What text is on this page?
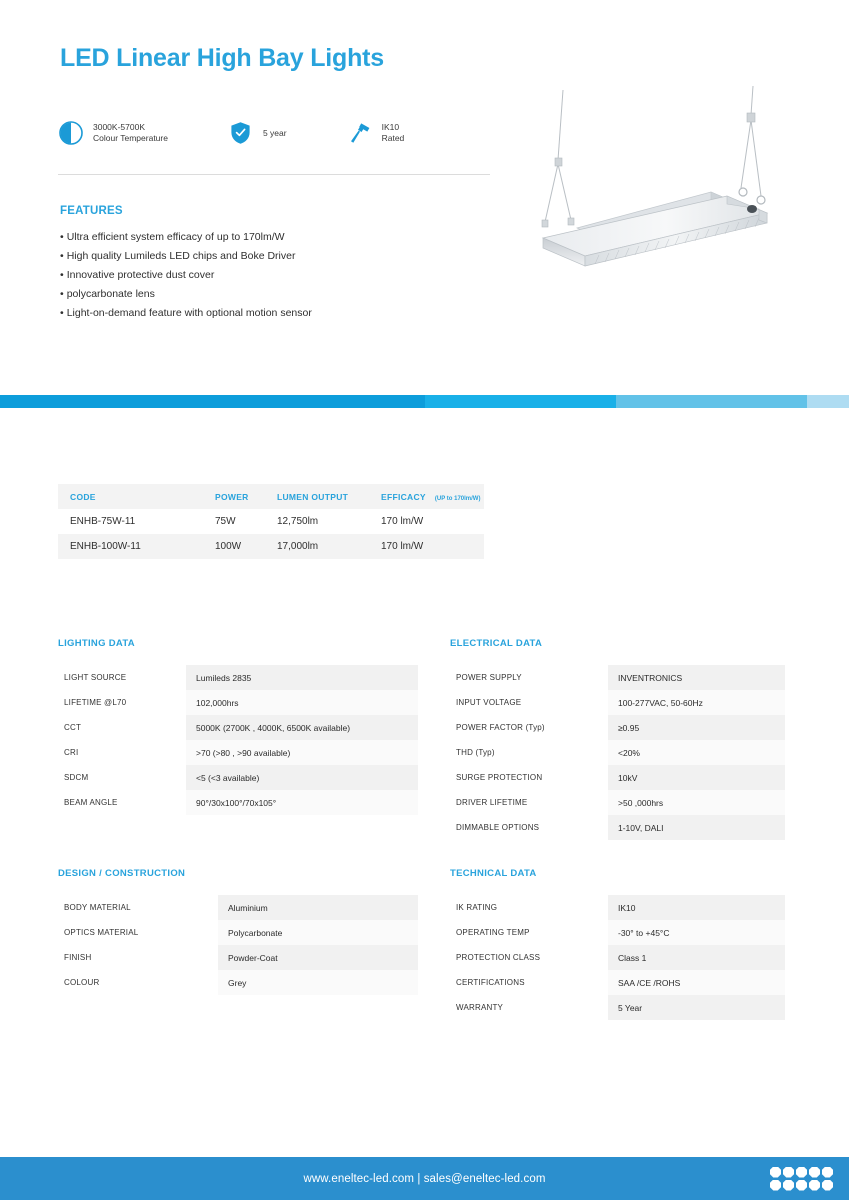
LED Linear High Bay Lights
3000K-5700K
Colour Temperature
5 year
IK10
Rated
FEATURES
• Ultra efficient system efficacy of up to 170lm/W
• High quality Lumileds LED chips and Boke Driver
• Innovative protective dust cover
• polycarbonate lens
• Light-on-demand feature with optional motion sensor
CODE	POWER	LUMEN OUTPUT	EFFICACY (UP to 170lm/W)
ENHB-75W-11	75W	12,750lm	170 lm/W
ENHB-100W-11	100W	17,000lm	170 lm/W
LIGHTING DATA
LIGHT SOURCE	Lumileds 2835
LIFETIME @L70	102,000hrs
CCT	5000K (2700K , 4000K, 6500K available)
CRI	>70 (>80 , >90 available)
SDCM	<5 (<3 available)
BEAM ANGLE	90°/30x100°/70x105°
ELECTRICAL DATA
POWER SUPPLY	INVENTRONICS
INPUT VOLTAGE	100-277VAC, 50-60Hz
POWER FACTOR (Typ)	≥0.95
THD (Typ)	<20%
SURGE PROTECTION	10kV
DRIVER LIFETIME	>50 ,000hrs
DIMMABLE OPTIONS	1-10V, DALI
DESIGN / CONSTRUCTION
BODY MATERIAL	Aluminium
OPTICS MATERIAL	Polycarbonate
FINISH	Powder-Coat
COLOUR	Grey
TECHNICAL DATA
IK RATING	IK10
OPERATING TEMP	-30° to +45°C
PROTECTION CLASS	Class 1
CERTIFICATIONS	SAA /CE /ROHS
WARRANTY	5 Year
www.eneltec-led.com | sales@eneltec-led.com
